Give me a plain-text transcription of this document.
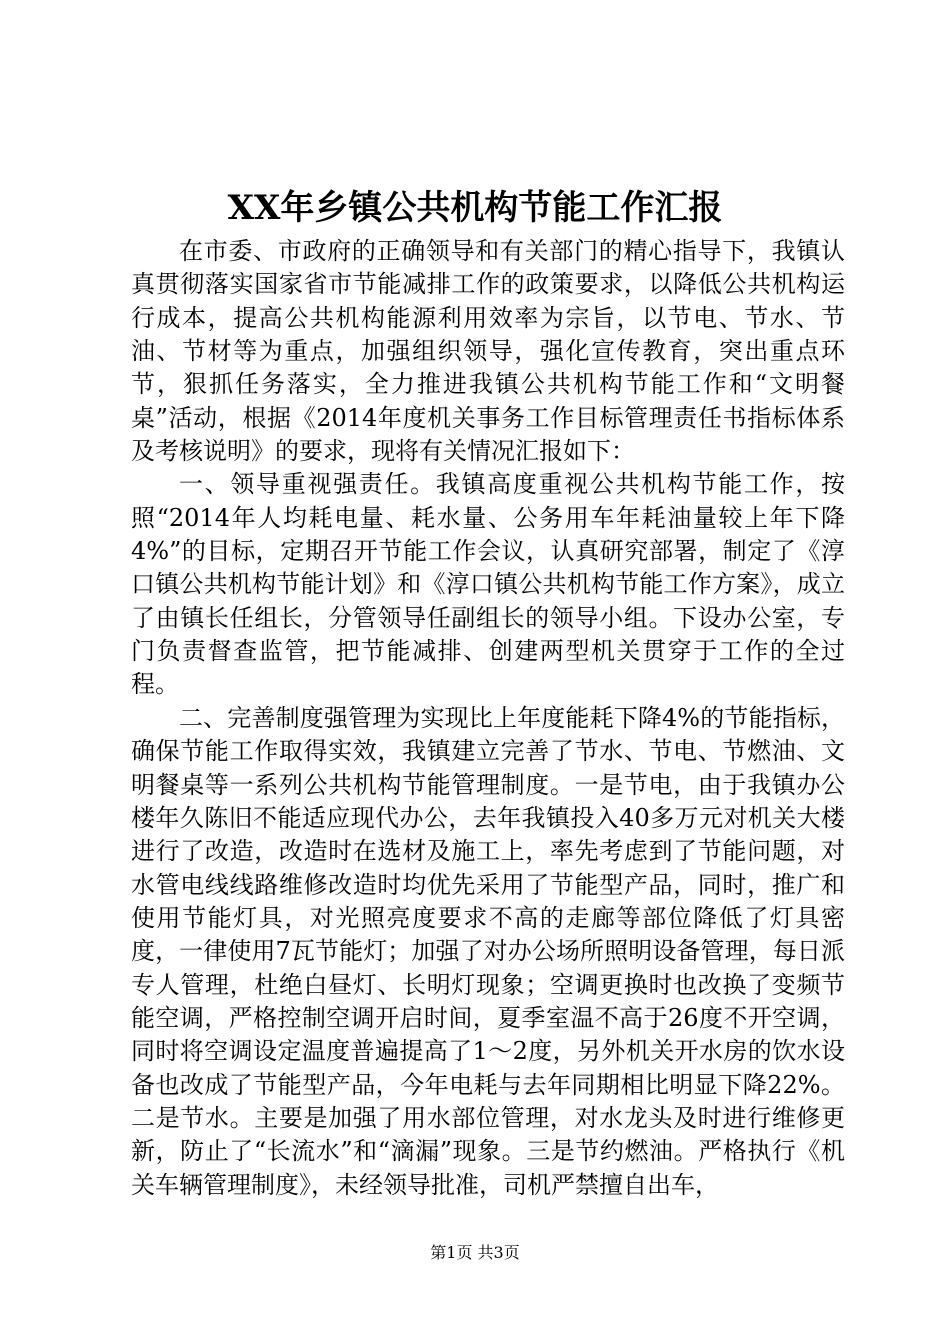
XX年乡镇公共机构节能工作汇报

在市委、市政府的正确领导和有关部门的精心指导下，我镇认真贯彻落实国家省市节能减排工作的政策要求，以降低公共机构运行成本，提高公共机构能源利用效率为宗旨，以节电、节水、节油、节材等为重点，加强组织领导，强化宣传教育，突出重点环节，狠抓任务落实，全力推进我镇公共机构节能工作和“文明餐桌”活动，根据《2014年度机关事务工作目标管理责任书指标体系及考核说明》的要求，现将有关情况汇报如下：

一、领导重视强责任。我镇高度重视公共机构节能工作，按照“2014年人均耗电量、耗水量、公务用车年耗油量较上年下降4%”的目标，定期召开节能工作会议，认真研究部署，制定了《淳口镇公共机构节能计划》和《淳口镇公共机构节能工作方案》，成立了由镇长任组长，分管领导任副组长的领导小组。下设办公室，专门负责督查监管，把节能减排、创建两型机关贯穿于工作的全过程。

二、完善制度强管理为实现比上年度能耗下降4%的节能指标，确保节能工作取得实效，我镇建立完善了节水、节电、节燃油、文明餐桌等一系列公共机构节能管理制度。一是节电，由于我镇办公楼年久陈旧不能适应现代办公，去年我镇投入40多万元对机关大楼进行了改造，改造时在选材及施工上，率先考虑到了节能问题，对水管电线线路维修改造时均优先采用了节能型产品，同时，推广和使用节能灯具，对光照亮度要求不高的走廊等部位降低了灯具密度，一律使用7瓦节能灯；加强了对办公场所照明设备管理，每日派专人管理，杜绝白昼灯、长明灯现象；空调更换时也改换了变频节能空调，严格控制空调开启时间，夏季室温不高于26度不开空调，同时将空调设定温度普遍提高了1～2度，另外机关开水房的饮水设备也改成了节能型产品，今年电耗与去年同期相比明显下降22%。二是节水。主要是加强了用水部位管理，对水龙头及时进行维修更新，防止了“长流水”和“滴漏”现象。三是节约燃油。严格执行《机关车辆管理制度》，未经领导批准，司机严禁擅自出车，

第1页 共3页
